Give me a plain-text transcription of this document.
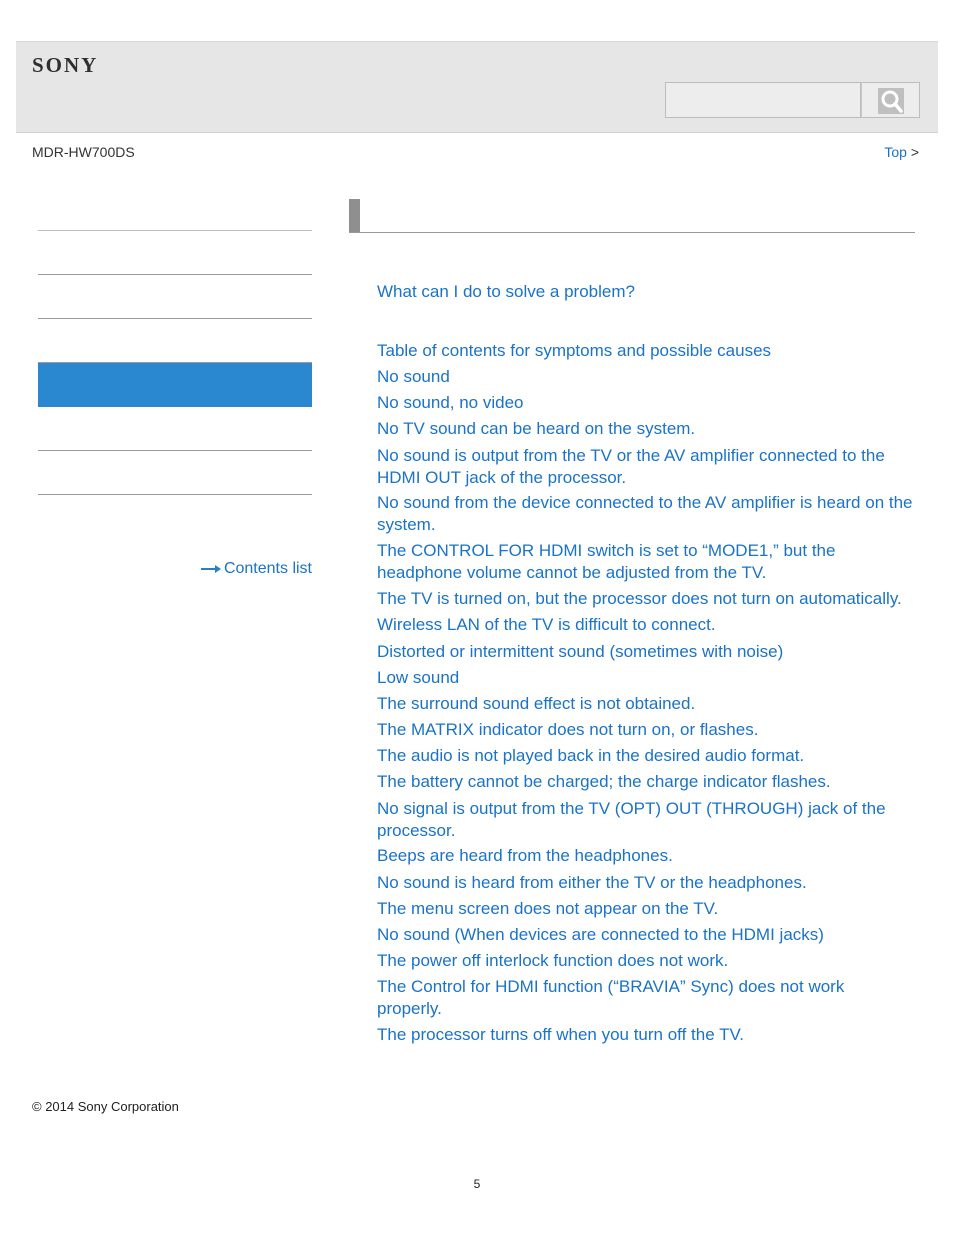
SONY
MDR-HW700DS	Top >
Contents list
What can I do to solve a problem?
Table of contents for symptoms and possible causes
No sound
No sound, no video
No TV sound can be heard on the system.
No sound is output from the TV or the AV amplifier connected to the HDMI OUT jack of the processor.
No sound from the device connected to the AV amplifier is heard on the system.
The CONTROL FOR HDMI switch is set to “MODE1,” but the headphone volume cannot be adjusted from the TV.
The TV is turned on, but the processor does not turn on automatically.
Wireless LAN of the TV is difficult to connect.
Distorted or intermittent sound (sometimes with noise)
Low sound
The surround sound effect is not obtained.
The MATRIX indicator does not turn on, or flashes.
The audio is not played back in the desired audio format.
The battery cannot be charged; the charge indicator flashes.
No signal is output from the TV (OPT) OUT (THROUGH) jack of the processor.
Beeps are heard from the headphones.
No sound is heard from either the TV or the headphones.
The menu screen does not appear on the TV.
No sound (When devices are connected to the HDMI jacks)
The power off interlock function does not work.
The Control for HDMI function (“BRAVIA” Sync) does not work properly.
The processor turns off when you turn off the TV.
© 2014 Sony Corporation
5
